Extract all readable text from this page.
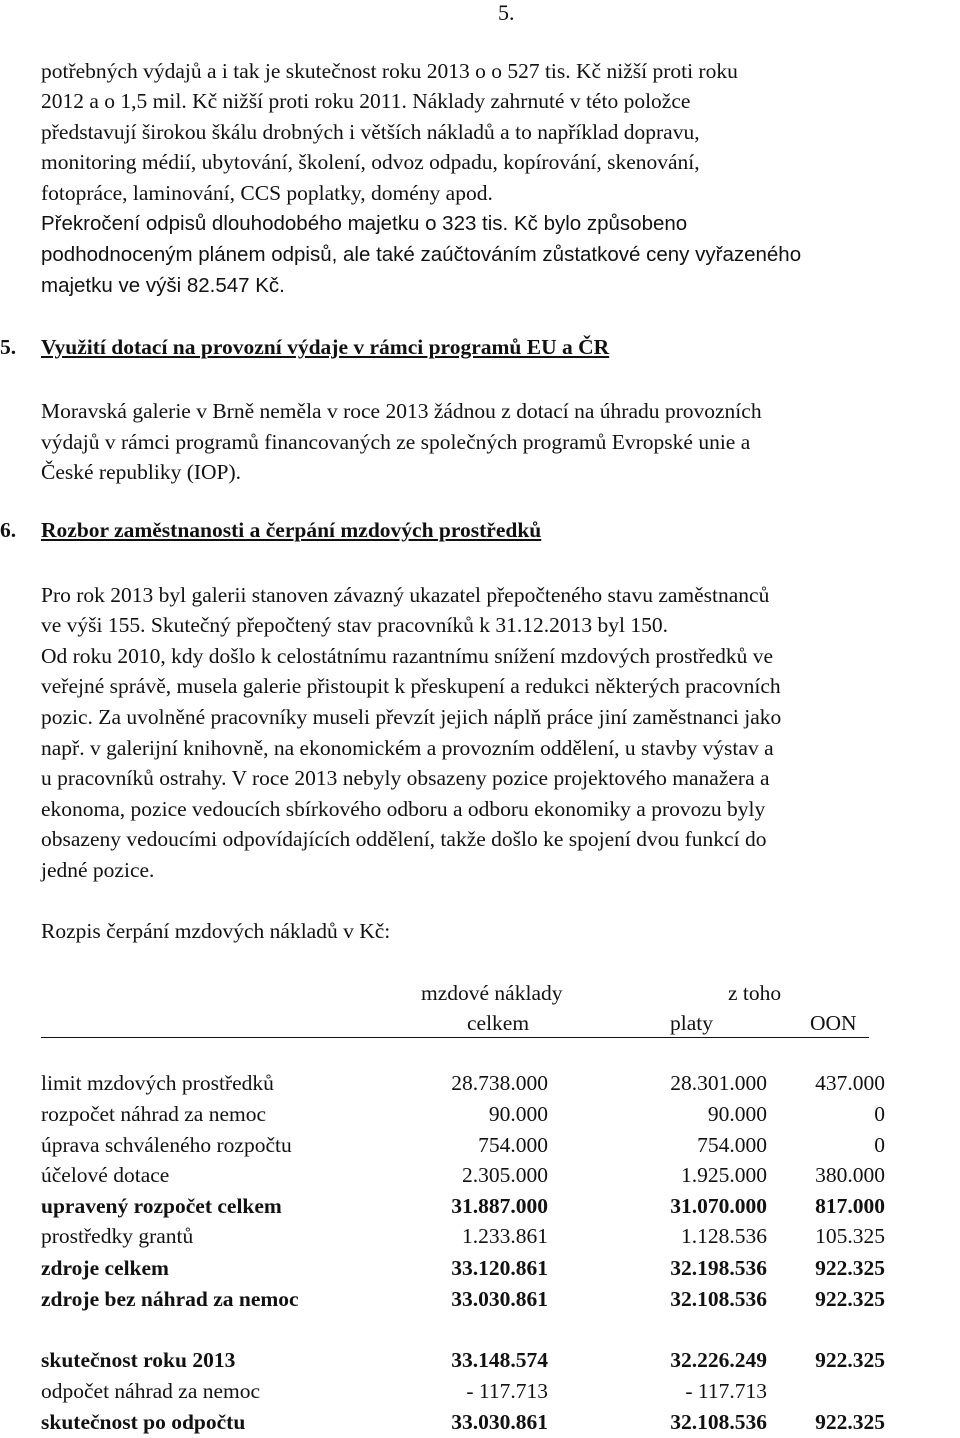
5.
potřebných výdajů a i tak je skutečnost roku 2013 o o 527 tis. Kč nižší proti roku
2012 a o 1,5 mil. Kč nižší proti roku 2011. Náklady zahrnuté v této položce
představují širokou škálu drobných i větších nákladů a to například dopravu,
monitoring médií, ubytování, školení, odvoz odpadu, kopírování, skenování,
fotopráce, laminování, CCS poplatky, domény apod.
Překročení odpisů dlouhodobého majetku o 323 tis. Kč bylo způsobeno
podhodnoceným plánem odpisů, ale také zaúčtováním zůstatkové ceny vyřazeného
majetku ve výši 82.547 Kč.
5. Využití dotací na provozní výdaje v rámci programů EU a ČR
Moravská galerie v Brně neměla v roce 2013 žádnou z dotací na úhradu provozních
výdajů v rámci programů financovaných ze společných programů Evropské unie a
České republiky (IOP).
6. Rozbor zaměstnanosti a čerpání mzdových prostředků
Pro rok 2013 byl galerii stanoven závazný ukazatel přepočteného stavu zaměstnanců
ve výši 155. Skutečný přepočtený stav pracovníků k 31.12.2013 byl 150.
Od roku 2010, kdy došlo k celostátnímu razantnímu snížení mzdových prostředků ve
veřejné správě, musela galerie přistoupit k přeskupení a redukci některých pracovních
pozic. Za uvolněné pracovníky museli převzít jejich náplň práce jiní zaměstnanci jako
např. v galerijní knihovně, na ekonomickém a provozním oddělení, u stavby výstav a
u pracovníků ostrahy. V roce 2013 nebyly obsazeny pozice projektového manažera a
ekonoma, pozice vedoucích sbírkového odboru a odboru ekonomiky a provozu byly
obsazeny vedoucími odpovídajících oddělení, takže došlo ke spojení dvou funkcí do
jedné pozice.
Rozpis čerpání mzdových nákladů v Kč:
mzdové náklady	z toho
celkem	platy	OON
limit mzdových prostředků	28.738.000	28.301.000 437.000
rozpočet náhrad za nemoc	90.000	90.000	0
úprava schváleného rozpočtu	754.000	754.000	0
účelové dotace	2.305.000	1.925.000 380.000
upravený rozpočet celkem	31.887.000	31.070.000 817.000
prostředky grantů	1.233.861	1.128.536 105.325
zdroje celkem	33.120.861	32.198.536 922.325
zdroje bez náhrad za nemoc	33.030.861	32.108.536 922.325
skutečnost roku 2013	33.148.574	32.226.249 922.325
odpočet náhrad za nemoc	- 117.713	- 117.713
skutečnost po odpočtu	33.030.861	32.108.536 922.325
